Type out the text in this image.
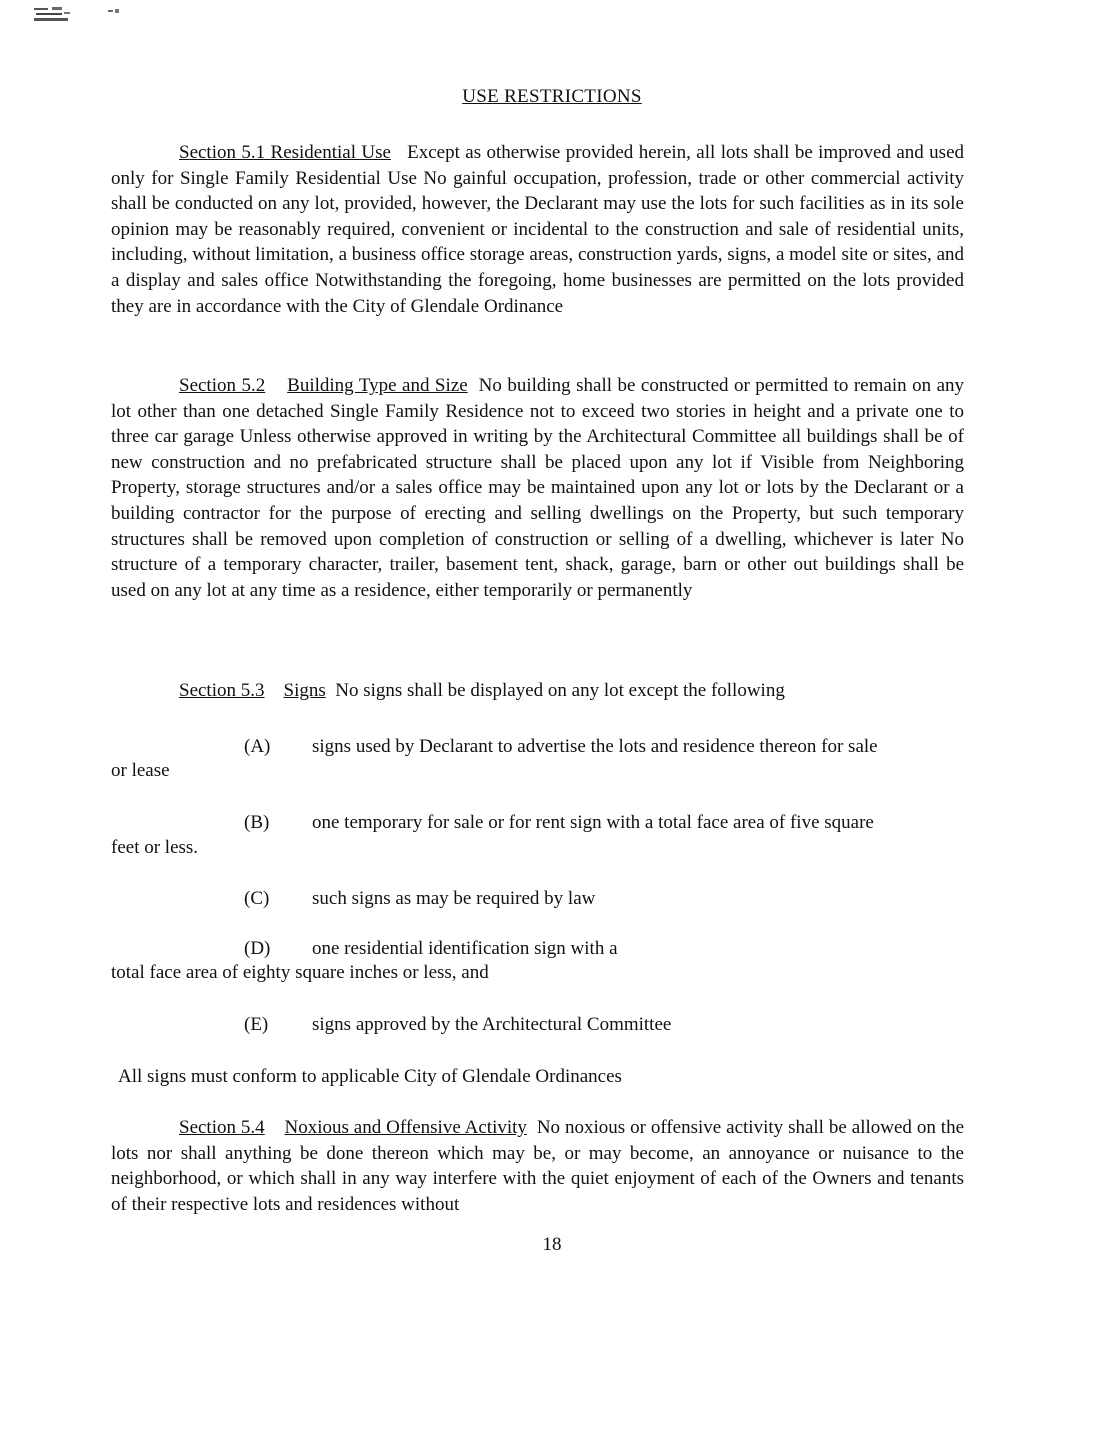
USE RESTRICTIONS
Section 5.1 Residential Use Except as otherwise provided herein, all lots shall be improved and used only for Single Family Residential Use No gainful occupation, profession, trade or other commercial activity shall be conducted on any lot, provided, however, the Declarant may use the lots for such facilities as in its sole opinion may be reasonably required, convenient or incidental to the construction and sale of residential units, including, without limitation, a business office storage areas, construction yards, signs, a model site or sites, and a display and sales office Notwithstanding the foregoing, home businesses are permitted on the lots provided they are in accordance with the City of Glendale Ordinance
Section 5.2 Building Type and Size No building shall be constructed or permitted to remain on any lot other than one detached Single Family Residence not to exceed two stories in height and a private one to three car garage Unless otherwise approved in writing by the Architectural Committee all buildings shall be of new construction and no prefabricated structure shall be placed upon any lot if Visible from Neighboring Property, storage structures and/or a sales office may be maintained upon any lot or lots by the Declarant or a building contractor for the purpose of erecting and selling dwellings on the Property, but such temporary structures shall be removed upon completion of construction or selling of a dwelling, whichever is later No structure of a temporary character, trailer, basement tent, shack, garage, barn or other out buildings shall be used on any lot at any time as a residence, either temporarily or permanently
Section 5.3 Signs No signs shall be displayed on any lot except the following
(A) signs used by Declarant to advertise the lots and residence thereon for sale
or lease
(B) one temporary for sale or for rent sign with a total face area of five square
feet or less.
(C) such signs as may be required by law
(D) one residential identification sign with a
total face area of eighty square inches or less, and
(E) signs approved by the Architectural Committee
All signs must conform to applicable City of Glendale Ordinances
Section 5.4 Noxious and Offensive Activity No noxious or offensive activity shall be allowed on the lots nor shall anything be done thereon which may be, or may become, an annoyance or nuisance to the neighborhood, or which shall in any way interfere with the quiet enjoyment of each of the Owners and tenants of their respective lots and residences without
18
